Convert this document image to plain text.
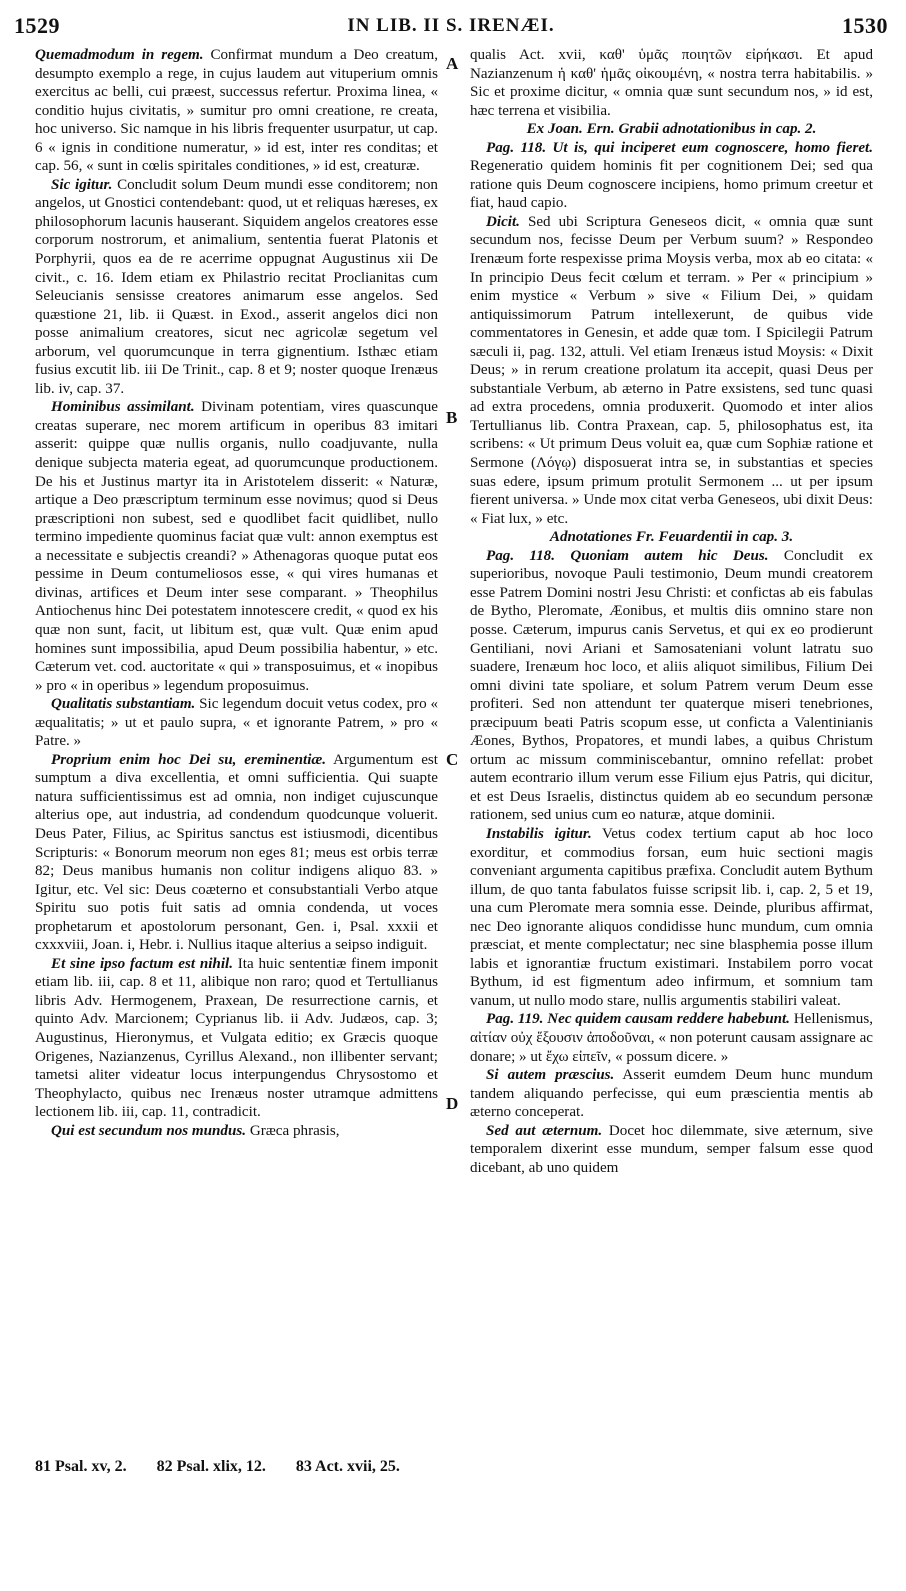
1529	IN LIB. II S. IRENÆI.	1530

Quemadmodum in regem. Confirmat mundum a Deo creatum, desumpto exemplo a rege, in cujus laudem aut vituperium omnis exercitus ac belli, cui præest, successus refertur. Proxima linea, « conditio hujus civitatis, » sumitur pro omni creatione, re creata, hoc universo. Sic namque in his libris frequenter usurpatur, ut cap. 6 « ignis in conditione numeratur, » id est, inter res conditas; et cap. 56, « sunt in cœlis spiritales conditiones, » id est, creaturæ.

Sic igitur. Concludit solum Deum mundi esse conditorem; non angelos, ut Gnostici contendebant: quod, ut et reliquas hæreses, ex philosophorum lacunis hauserant. Siquidem angelos creatores esse corporum nostrorum, et animalium, sententia fuerat Platonis et Porphyrii, quos ea de re acerrime oppugnat Augustinus xii De civit., c. 16. Idem etiam ex Philastrio recitat Proclianitas cum Seleucianis sensisse creatores animarum esse angelos. Sed quæstione 21, lib. ii Quæst. in Exod., asserit angelos dici non posse animalium creatores, sicut nec agricolæ segetum vel arborum, vel quorumcunque in terra gignentium. Isthæc etiam fusius excutit lib. iii De Trinit., cap. 8 et 9; noster quoque Irenæus lib. iv, cap. 37.

Hominibus assimilant. Divinam potentiam, vires quascunque creatas superare, nec morem artificum in operibus 83 imitari asserit: quippe quæ nullis organis, nullo coadjuvante, nulla denique subjecta materia egeat, ad quorumcunque productionem. De his et Justinus martyr ita in Aristotelem disserit: « Naturæ, artique a Deo præscriptum terminum esse novimus; quod si Deus præscriptioni non subest, sed e quodlibet facit quidlibet, nullo termino impediente quominus faciat quæ vult: annon exemptus est a necessitate e subjectis creandi? » Athenagoras quoque putat eos pessime in Deum contumeliosos esse, « qui vires humanas et divinas, artifices et Deum inter sese comparant. » Theophilus Antiochenus hinc Dei potestatem innotescere credit, « quod ex his quæ non sunt, facit, ut libitum est, quæ vult. Quæ enim apud homines sunt impossibilia, apud Deum possibilia habentur, » etc. Cæterum vet. cod. auctoritate « qui » transposuimus, et « inopibus » pro « in operibus » legendum proposuimus.

Qualitatis substantiam. Sic legendum docuit vetus codex, pro « æqualitatis; » ut et paulo supra, « et ignorante Patrem, » pro « Patre. »

Proprium enim hoc Dei su, ereminentiæ. Argumentum est sumptum a diva excellentia, et omni sufficientia. Qui suapte natura sufficientissimus est ad omnia, non indiget cujuscunque alterius ope, aut industria, ad condendum quodcunque voluerit. Deus Pater, Filius, ac Spiritus sanctus est istiusmodi, dicentibus Scripturis: « Bonorum meorum non eges 81; meus est orbis terræ 82; Deus manibus humanis non colitur indigens aliquo 83. » Igitur, etc. Vel sic: Deus coæterno et consubstantiali Verbo atque Spiritu suo potis fuit satis ad omnia condenda, ut voces prophetarum et apostolorum personant, Gen. i, Psal. xxxii et cxxxviii, Joan. i, Hebr. i. Nullius itaque alterius a seipso indiguit.

Et sine ipso factum est nihil. Ita huic sententiæ finem imponit etiam lib. iii, cap. 8 et 11, alibique non raro; quod et Tertullianus libris Adv. Hermogenem, Praxean, De resurrectione carnis, et quinto Adv. Marcionem; Cyprianus lib. ii Adv. Judæos, cap. 3; Augustinus, Hieronymus, et Vulgata editio; ex Græcis quoque Origenes, Nazianzenus, Cyrillus Alexand., non illibenter servant; tametsi aliter videatur locus interpungendus Chrysostomo et Theophylacto, quibus nec Irenæus noster utramque admittens lectionem lib. iii, cap. 11, contradicit.

Qui est secundum nos mundus. Græca phrasis,

qualis Act. xvii, καθ' ὑμᾶς ποιητῶν εἰρήκασι. Et apud Nazianzenum ἡ καθ' ἡμᾶς οἰκουμένη, « nostra terra habitabilis. » Sic et proxime dicitur, « omnia quæ sunt secundum nos, » id est, hæc terrena et visibilia.

Ex Joan. Ern. Grabii adnotationibus in cap. 2.

Pag. 118. Ut is, qui inciperet eum cognoscere, homo fieret. Regeneratio quidem hominis fit per cognitionem Dei; sed qua ratione quis Deum cognoscere incipiens, homo primum creetur et fiat, haud capio.

Dicit. Sed ubi Scriptura Geneseos dicit, « omnia quæ sunt secundum nos, fecisse Deum per Verbum suum? » Respondeo Irenæum forte respexisse prima Moysis verba, mox ab eo citata: « In principio Deus fecit cœlum et terram. » Per « principium » enim mystice « Verbum » sive « Filium Dei, » quidam antiquissimorum Patrum intellexerunt, de quibus vide commentatores in Genesin, et adde quæ tom. I Spicilegii Patrum sæculi ii, pag. 132, attuli. Vel etiam Irenæus istud Moysis: « Dixit Deus; » in rerum creatione prolatum ita accepit, quasi Deus per substantiale Verbum, ab æterno in Patre exsistens, sed tunc quasi ad extra procedens, omnia produxerit. Quomodo et inter alios Tertullianus lib. Contra Praxean, cap. 5, philosophatus est, ita scribens: « Ut primum Deus voluit ea, quæ cum Sophiæ ratione et Sermone (Λόγῳ) disposuerat intra se, in substantias et species suas edere, ipsum primum protulit Sermonem ... ut per ipsum fierent universa. » Unde mox citat verba Geneseos, ubi dixit Deus: « Fiat lux, » etc.

Adnotationes Fr. Feuardentii in cap. 3.

Pag. 118. Quoniam autem hic Deus. Concludit ex superioribus, novoque Pauli testimonio, Deum mundi creatorem esse Patrem Domini nostri Jesu Christi: et confictas ab eis fabulas de Bytho, Pleromate, Æonibus, et multis diis omnino stare non posse. Cæterum, impurus canis Servetus, et qui ex eo prodierunt Gentiliani, novi Ariani et Samosateniani volunt latratu suo suadere, Irenæum hoc loco, et aliis aliquot similibus, Filium Dei omni divini tate spoliare, et solum Patrem verum Deum esse profiteri. Sed non attendunt ter quaterque miseri tenebriones, præcipuum beati Patris scopum esse, ut conficta a Valentinianis Æones, Bythos, Propatores, et mundi labes, a quibus Christum ortum ac missum comminiscebantur, omnino refellat: probet autem econtrario illum verum esse Filium ejus Patris, qui dicitur, et est Deus Israelis, distinctus quidem ab eo secundum personæ rationem, sed unius cum eo naturæ, atque dominii.

Instabilis igitur. Vetus codex tertium caput ab hoc loco exorditur, et commodius forsan, eum huic sectioni magis conveniant argumenta capitibus præfixa. Concludit autem Bythum illum, de quo tanta fabulatos fuisse scripsit lib. i, cap. 2, 5 et 19, una cum Pleromate mera somnia esse. Deinde, pluribus affirmat, nec Deo ignorante aliquos condidisse hunc mundum, cum omnia præsciat, et mente complectatur; nec sine blasphemia posse illum labis et ignorantiæ fructum existimari. Instabilem porro vocat Bythum, id est figmentum adeo infirmum, et somnium tam vanum, ut nullo modo stare, nullis argumentis stabiliri valeat.

Pag. 119. Nec quidem causam reddere habebunt. Hellenismus, αἰτίαν οὐχ ἕξουσιν ἀποδοῦναι, « non poterunt causam assignare ac donare; » ut ἔχω εἰπεῖν, « possum dicere. »

Si autem præscius. Asserit eumdem Deum hunc mundum tandem aliquando perfecisse, qui eum præscientia mentis ab æterno conceperat.

Sed aut æternum. Docet hoc dilemmate, sive æternum, sive temporalem dixerint esse mundum, semper falsum esse quod dicebant, ab uno quidem

A
B
C
D
81 Psal. xv, 2. 82 Psal. xlix, 12. 83 Act. xvii, 25.
